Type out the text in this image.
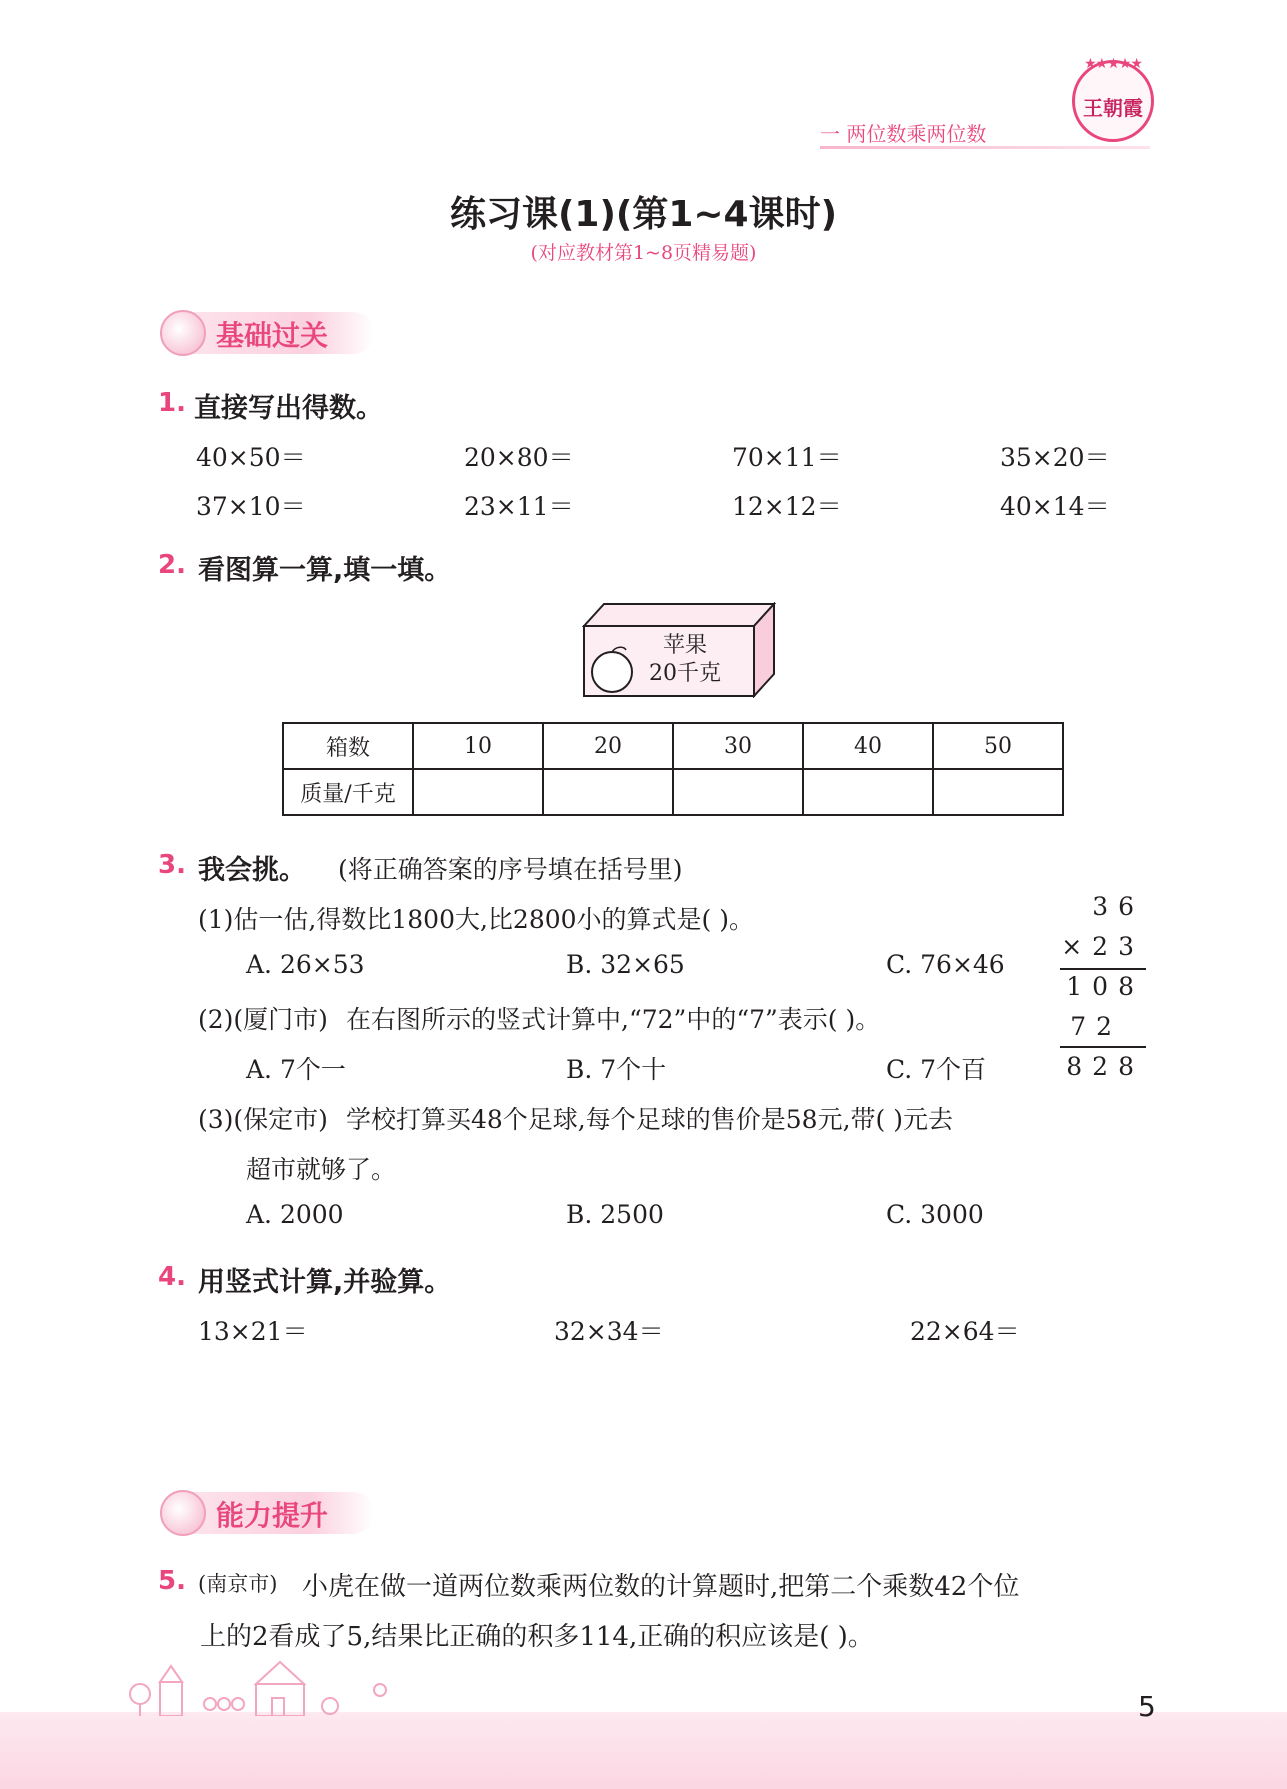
★★★★★
王朝霞
一 两位数乘两位数
练习课(1)(第1~4课时)
(对应教材第1~8页精易题)
基础过关
1. 直接写出得数。
40×50＝	20×80＝	70×11＝	35×20＝
37×10＝	23×11＝	12×12＝	40×14＝
2. 看图算一算,填一填。
苹果
20千克
箱数	10	20	30	40	50
质量/千克					
3. 我会挑。 (将正确答案的序号填在括号里)
(1)估一估,得数比1800大,比2800小的算式是( )。
A. 26×53	B. 32×65	C. 76×46
(2)(厦门市) 在右图所示的竖式计算中,“72”中的“7”表示( )。
A. 7个一	B. 7个十	C. 7个百
(3)(保定市) 学校打算买48个足球,每个足球的售价是58元,带( )元去
超市就够了。
A. 2000	B. 2500	C. 3000
36
×23
108
72
828
4. 用竖式计算,并验算。
13×21＝	32×34＝	22×64＝
能力提升
5. (南京市) 小虎在做一道两位数乘两位数的计算题时,把第二个乘数42个位
上的2看成了5,结果比正确的积多114,正确的积应该是( )。
5
